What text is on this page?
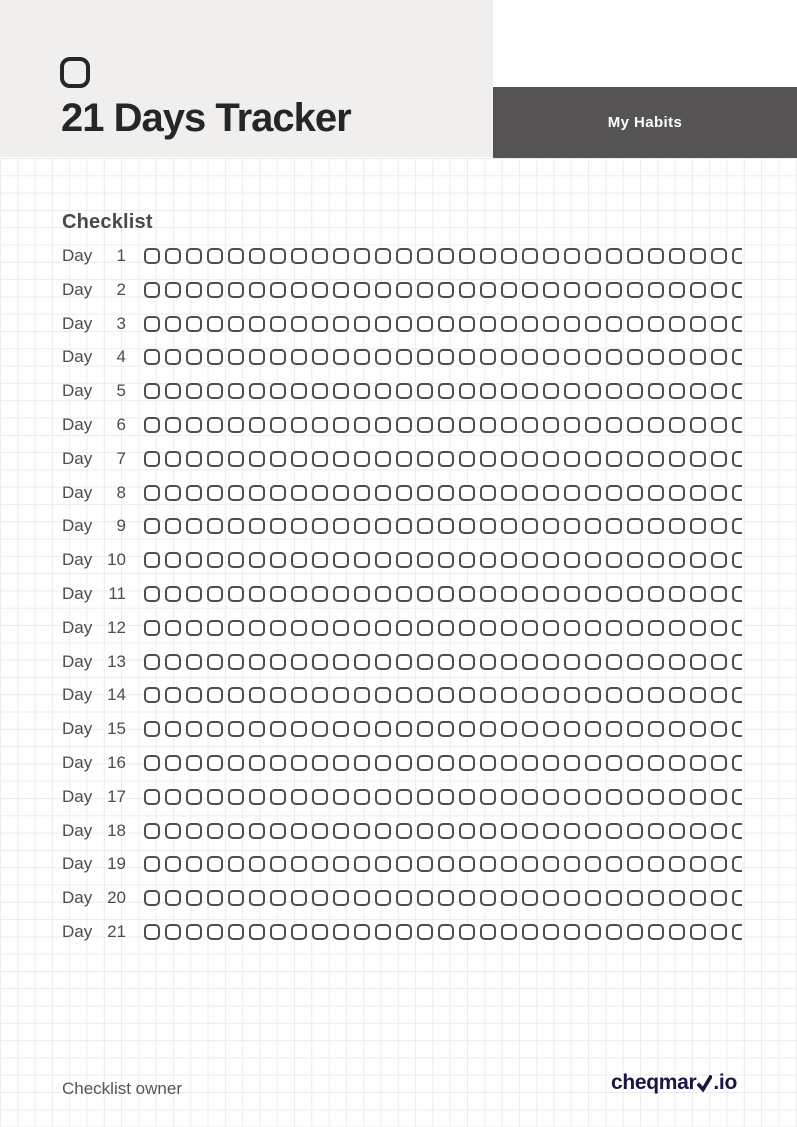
21 Days Tracker	My Habits
Checklist
Day	1
Day	2
Day	3
Day	4
Day	5
Day	6
Day	7
Day	8
Day	9
Day 10
Day 11
Day 12
Day 13
Day 14
Day 15
Day 16
Day 17
Day 18
Day 19
Day 20
Day 21
Checklist owner	cheqmar .io
